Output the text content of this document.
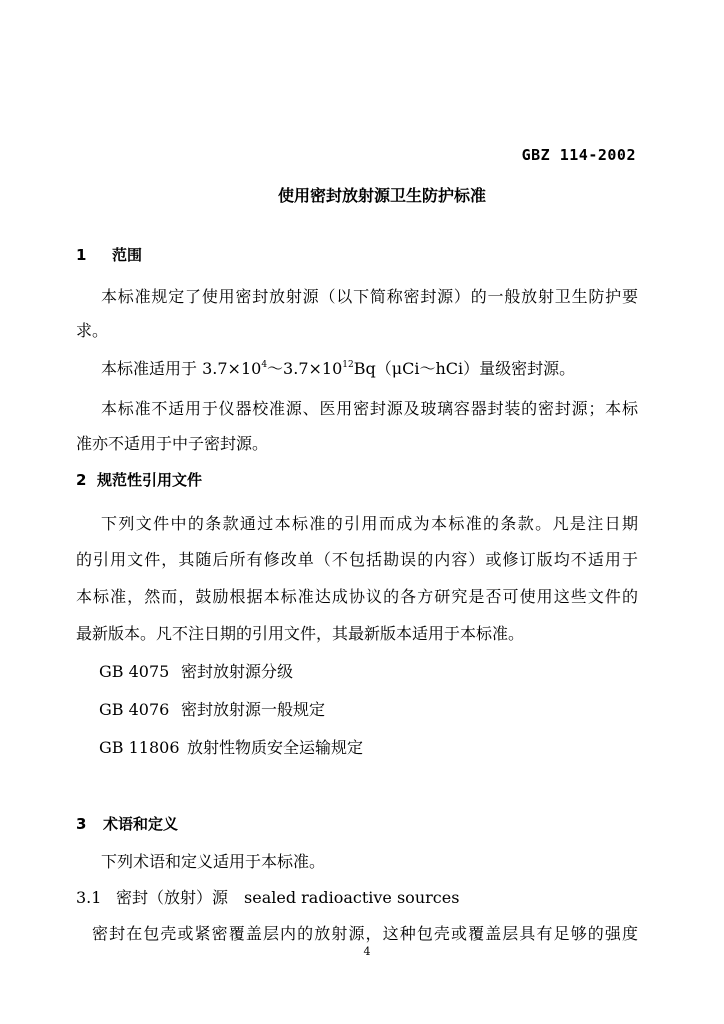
GBZ 114-2002
使用密封放射源卫生防护标准
1 范围
本标准规定了使用密封放射源（以下简称密封源）的一般放射卫生防护要
求。
本标准适用于 $3.7\times 10^4\sim 3.7\times 10^{12}Bq(\mu Ci\sim hCi)$量级密封源。
本标准不适用于仪器校准源、医用密封源及玻璃容器封装的密封源；本标
准亦不适用于中子密封源。
2 规范性引用文件
下列文件中的条款通过本标准的引用而成为本标准的条款。凡是注日期
的引用文件，其随后所有修改单（不包括勘误的内容）或修订版均不适用于
本标准，然而，鼓励根据本标准达成协议的各方研究是否可使用这些文件的
最新版本。凡不注日期的引用文件，其最新版本适用于本标准。
GB 4075 密封放射源分级
GB 4076 密封放射源一般规定
GB 11806 放射性物质安全运输规定
3 术语和定义
下列术语和定义适用于本标准。
3.1 密封（放射）源 sealed radioactive sources
密封在包壳或紧密覆盖层内的放射源，这种包壳或覆盖层具有足够的强度
4
